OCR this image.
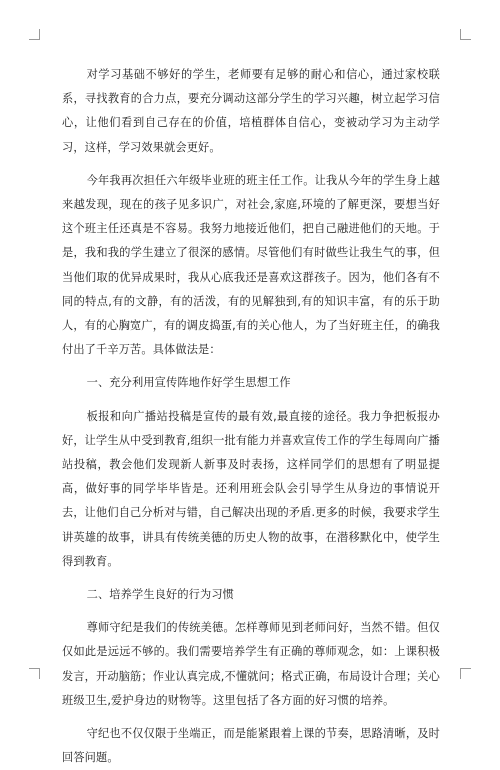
对学习基础不够好的学生，老师要有足够的耐心和信心，通过家校联系，寻找教育的合力点，要充分调动这部分学生的学习兴趣，树立起学习信心，让他们看到自己存在的价值，培植群体自信心，变被动学习为主动学习，这样，学习效果就会更好。

今年我再次担任六年级毕业班的班主任工作。让我从今年的学生身上越来越发现，现在的孩子见多识广，对社会,家庭,环境的了解更深，要想当好这个班主任还真是不容易。我努力地接近他们，把自己融进他们的天地。于是，我和我的学生建立了很深的感情。尽管他们有时做些让我生气的事，但当他们取的优异成果时，我从心底我还是喜欢这群孩子。因为，他们各有不同的特点,有的文静，有的活泼，有的见解独到,有的知识丰富，有的乐于助人，有的心胸宽广，有的调皮捣蛋,有的关心他人，为了当好班主任，的确我付出了千辛万苦。具体做法是：

一、充分利用宣传阵地作好学生思想工作

板报和向广播站投稿是宣传的最有效,最直接的途径。我力争把板报办好，让学生从中受到教育,组织一批有能力并喜欢宣传工作的学生每周向广播站投稿，教会他们发现新人新事及时表扬，这样同学们的思想有了明显提高，做好事的同学毕毕皆是。还利用班会队会引导学生从身边的事情说开去，让他们自己分析对与错，自己解决出现的矛盾.更多的时候，我要求学生讲英雄的故事，讲具有传统美德的历史人物的故事，在潜移默化中，使学生得到教育。

二、培养学生良好的行为习惯

尊师守纪是我们的传统美德。怎样尊师见到老师问好，当然不错。但仅仅如此是远远不够的。我们需要培养学生有正确的尊师观念，如：上课积极发言，开动脑筋；作业认真完成,不懂就问；格式正确，布局设计合理；关心班级卫生,爱护身边的财物等。这里包括了各方面的好习惯的培养。

守纪也不仅仅限于坐端正，而是能紧跟着上课的节奏，思路清晰，及时回答问题。
